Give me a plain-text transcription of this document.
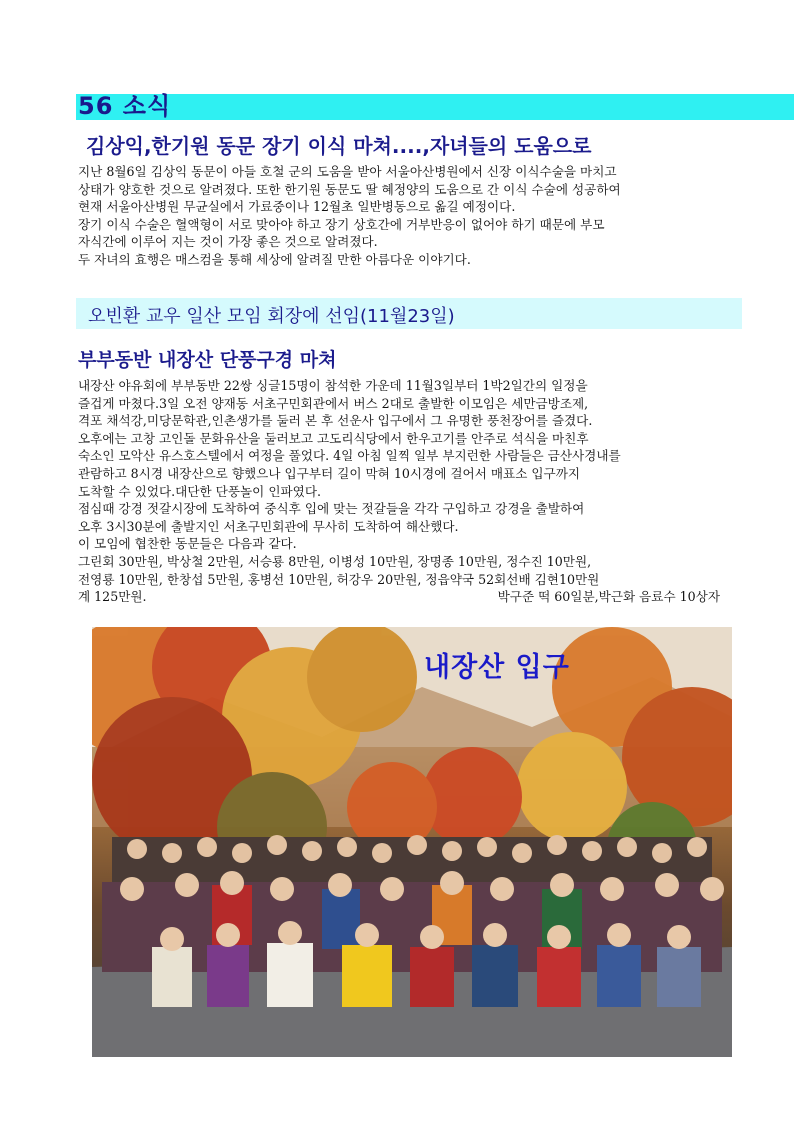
56 소식
김상익,한기원 동문 장기 이식 마쳐....,자녀들의 도움으로
지난 8월6일 김상익 동문이 아들 호철 군의 도움을 받아 서울아산병원에서 신장 이식수술을 마치고
상태가 양호한 것으로 알려졌다. 또한 한기원 동문도 딸 혜정양의 도움으로 간 이식 수술에 성공하여
현재 서울아산병원 무균실에서 가료중이나 12월초 일반병동으로 옮길 예정이다.
장기 이식 수술은 혈액형이 서로 맞아야 하고 장기 상호간에 거부반응이 없어야 하기 때문에 부모
자식간에 이루어 지는 것이 가장 좋은 것으로 알려졌다.
두 자녀의 효행은 매스컴을 통해 세상에 알려질 만한 아름다운 이야기다.
오빈환 교우 일산 모임 회장에 선임(11월23일)
부부동반 내장산 단풍구경 마쳐
내장산 야유회에 부부동반 22쌍 싱글15명이 참석한 가운데 11월3일부터 1박2일간의 일정을
즐겁게 마쳤다.3일 오전 양재동 서초구민회관에서 버스 2대로 출발한 이모임은 세만금방조제,
격포 채석강,미당문학관,인촌생가를 둘러 본 후 선운사 입구에서 그 유명한 풍천장어를 즐겼다.
오후에는 고창 고인돌 문화유산을 둘러보고 고도리식당에서 한우고기를 안주로 석식을 마친후
숙소인 모악산 유스호스텔에서 여정을 풀었다. 4일 아침 일찍 일부 부지런한 사람들은 금산사경내를
관람하고 8시경 내장산으로 향했으나 입구부터 길이 막혀 10시경에 걸어서 매표소 입구까지
도착할 수 있었다.대단한 단풍놀이 인파였다.
점심때 강경 젓갈시장에 도착하여 중식후 입에 맞는 젓갈들을 각각 구입하고 강경을 출발하여
오후 3시30분에 출발지인 서초구민회관에 무사히 도착하여 해산했다.
이 모임에 협찬한 동문들은 다음과 같다.
그린회 30만원, 박상철 2만원, 서승룡 8만원, 이병성 10만원, 장명종 10만원, 정수진 10만원,
전영룡 10만원, 한창섭 5만원, 홍병선 10만원, 허강우 20만원, 정읍약국 52회선배 김현10만원
계 125만원.	박구준 떡 60일분,박근화 음료수 10상자
내장산 입구
